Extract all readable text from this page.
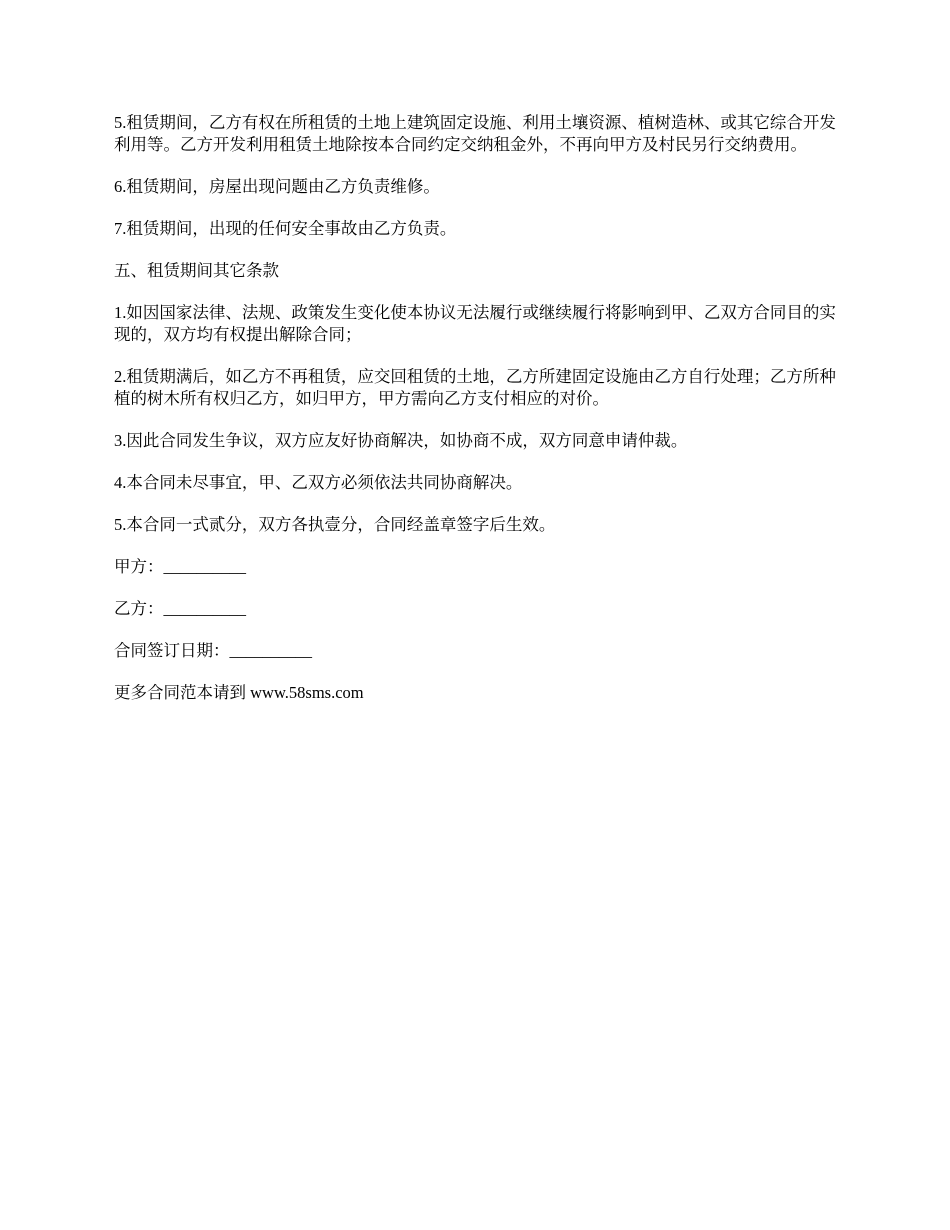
5.租赁期间，乙方有权在所租赁的土地上建筑固定设施、利用土壤资源、植树造林、或其它综合开发利用等。乙方开发利用租赁土地除按本合同约定交纳租金外，不再向甲方及村民另行交纳费用。

6.租赁期间，房屋出现问题由乙方负责维修。

7.租赁期间，出现的任何安全事故由乙方负责。

五、租赁期间其它条款

1.如因国家法律、法规、政策发生变化使本协议无法履行或继续履行将影响到甲、乙双方合同目的实现的，双方均有权提出解除合同；

2.租赁期满后，如乙方不再租赁，应交回租赁的土地，乙方所建固定设施由乙方自行处理；乙方所种植的树木所有权归乙方，如归甲方，甲方需向乙方支付相应的对价。

3.因此合同发生争议，双方应友好协商解决，如协商不成，双方同意申请仲裁。

4.本合同未尽事宜，甲、乙双方必须依法共同协商解决。

5.本合同一式贰分，双方各执壹分，合同经盖章签字后生效。

甲方：__________

乙方：__________

合同签订日期：__________

更多合同范本请到 www.58sms.com
